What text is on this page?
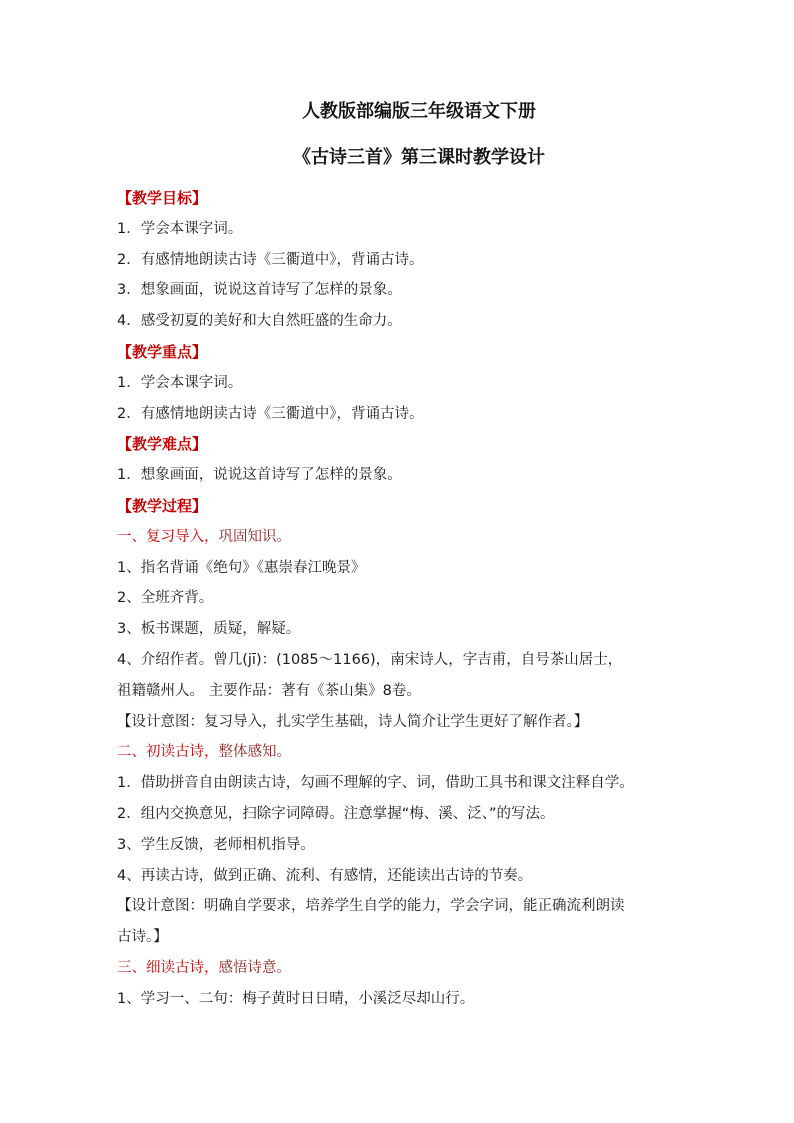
人教版部编版三年级语文下册
《古诗三首》第三课时教学设计
【教学目标】
1．学会本课字词。
2．有感情地朗读古诗《三衢道中》，背诵古诗。
3．想象画面，说说这首诗写了怎样的景象。
4．感受初夏的美好和大自然旺盛的生命力。
【教学重点】
1．学会本课字词。
2．有感情地朗读古诗《三衢道中》，背诵古诗。
【教学难点】
1．想象画面，说说这首诗写了怎样的景象。
【教学过程】
一、复习导入，巩固知识。
1、指名背诵《绝句》《惠崇春江晚景》
2、全班齐背。
3、板书课题，质疑，解疑。
4、介绍作者。曾几(jī)：(1085～1166)，南宋诗人，字吉甫，自号茶山居士，
祖籍赣州人。 主要作品：著有《茶山集》8卷。
【设计意图：复习导入，扎实学生基础，诗人简介让学生更好了解作者。】
二、初读古诗，整体感知。
1．借助拼音自由朗读古诗，勾画不理解的字、词，借助工具书和课文注释自学。
2．组内交换意见，扫除字词障碍。注意掌握“梅、溪、泛、”的写法。
3、学生反馈，老师相机指导。
4、再读古诗，做到正确、流利、有感情，还能读出古诗的节奏。
【设计意图：明确自学要求，培养学生自学的能力，学会字词，能正确流利朗读
古诗。】
三、细读古诗，感悟诗意。
1、学习一、二句：梅子黄时日日晴，小溪泛尽却山行。
